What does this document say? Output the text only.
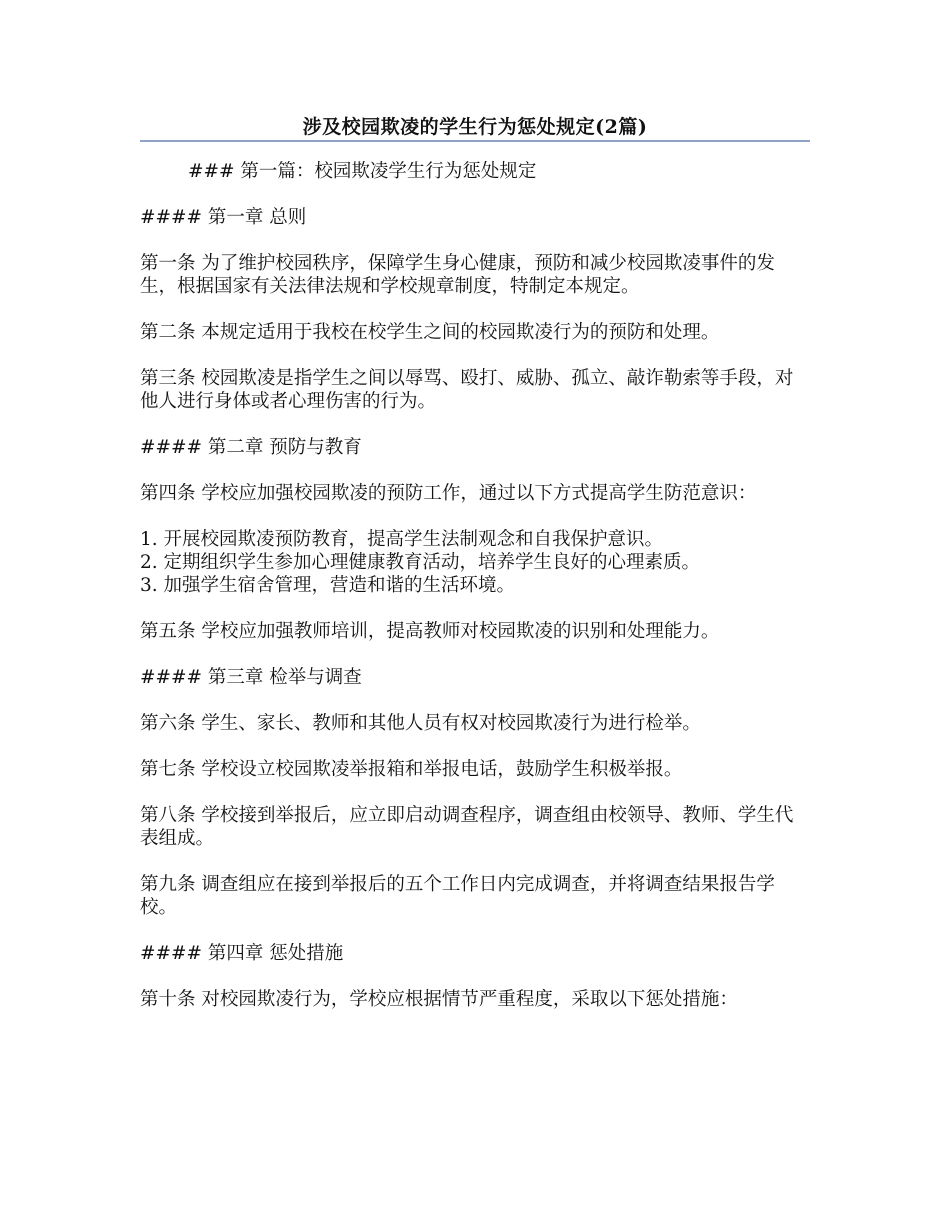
涉及校园欺凌的学生行为惩处规定(2篇)

### 第一篇：校园欺凌学生行为惩处规定

#### 第一章 总则

第一条 为了维护校园秩序，保障学生身心健康，预防和减少校园欺凌事件的发生，根据国家有关法律法规和学校规章制度，特制定本规定。

第二条 本规定适用于我校在校学生之间的校园欺凌行为的预防和处理。

第三条 校园欺凌是指学生之间以辱骂、殴打、威胁、孤立、敲诈勒索等手段，对他人进行身体或者心理伤害的行为。

#### 第二章 预防与教育

第四条 学校应加强校园欺凌的预防工作，通过以下方式提高学生防范意识：

1. 开展校园欺凌预防教育，提高学生法制观念和自我保护意识。
2. 定期组织学生参加心理健康教育活动，培养学生良好的心理素质。
3. 加强学生宿舍管理，营造和谐的生活环境。

第五条 学校应加强教师培训，提高教师对校园欺凌的识别和处理能力。

#### 第三章 检举与调查

第六条 学生、家长、教师和其他人员有权对校园欺凌行为进行检举。

第七条 学校设立校园欺凌举报箱和举报电话，鼓励学生积极举报。

第八条 学校接到举报后，应立即启动调查程序，调查组由校领导、教师、学生代表组成。

第九条 调查组应在接到举报后的五个工作日内完成调查，并将调查结果报告学校。

#### 第四章 惩处措施

第十条 对校园欺凌行为，学校应根据情节严重程度，采取以下惩处措施：
